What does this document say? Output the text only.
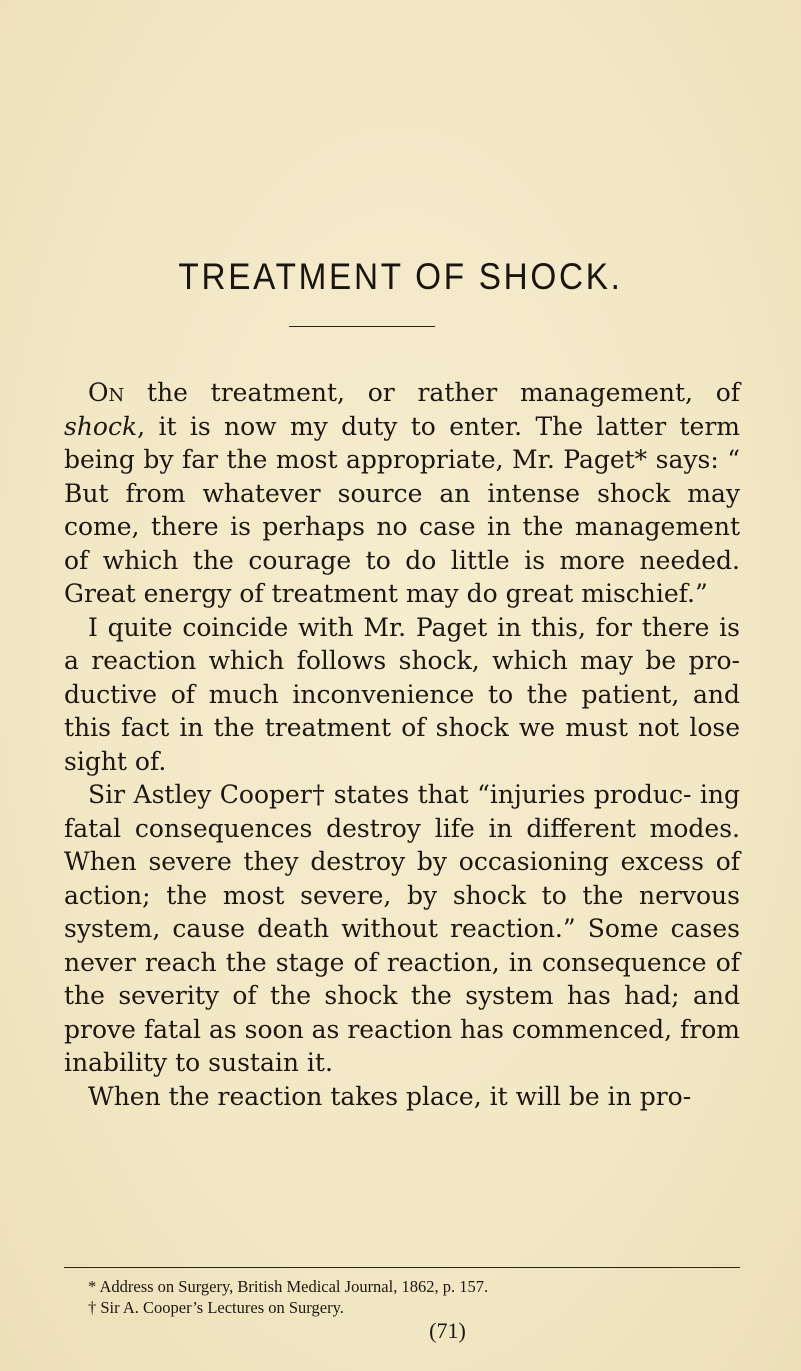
TREATMENT OF SHOCK.

On the treatment, or rather management, of shock, it is now my duty to enter. The latter term being by far the most appropriate, Mr. Paget* says: “ But from whatever source an intense shock may come, there is perhaps no case in the management of which the courage to do little is more needed. Great energy of treatment may do great mischief.”

I quite coincide with Mr. Paget in this, for there is a reaction which follows shock, which may be pro- ductive of much inconvenience to the patient, and this fact in the treatment of shock we must not lose sight of.

Sir Astley Cooper† states that “injuries produc- ing fatal consequences destroy life in different modes. When severe they destroy by occasioning excess of action; the most severe, by shock to the nervous system, cause death without reaction.” Some cases never reach the stage of reaction, in consequence of the severity of the shock the system has had; and prove fatal as soon as reaction has commenced, from inability to sustain it.

When the reaction takes place, it will be in pro-

* Address on Surgery, British Medical Journal, 1862, p. 157.
† Sir A. Cooper’s Lectures on Surgery.
(71)
